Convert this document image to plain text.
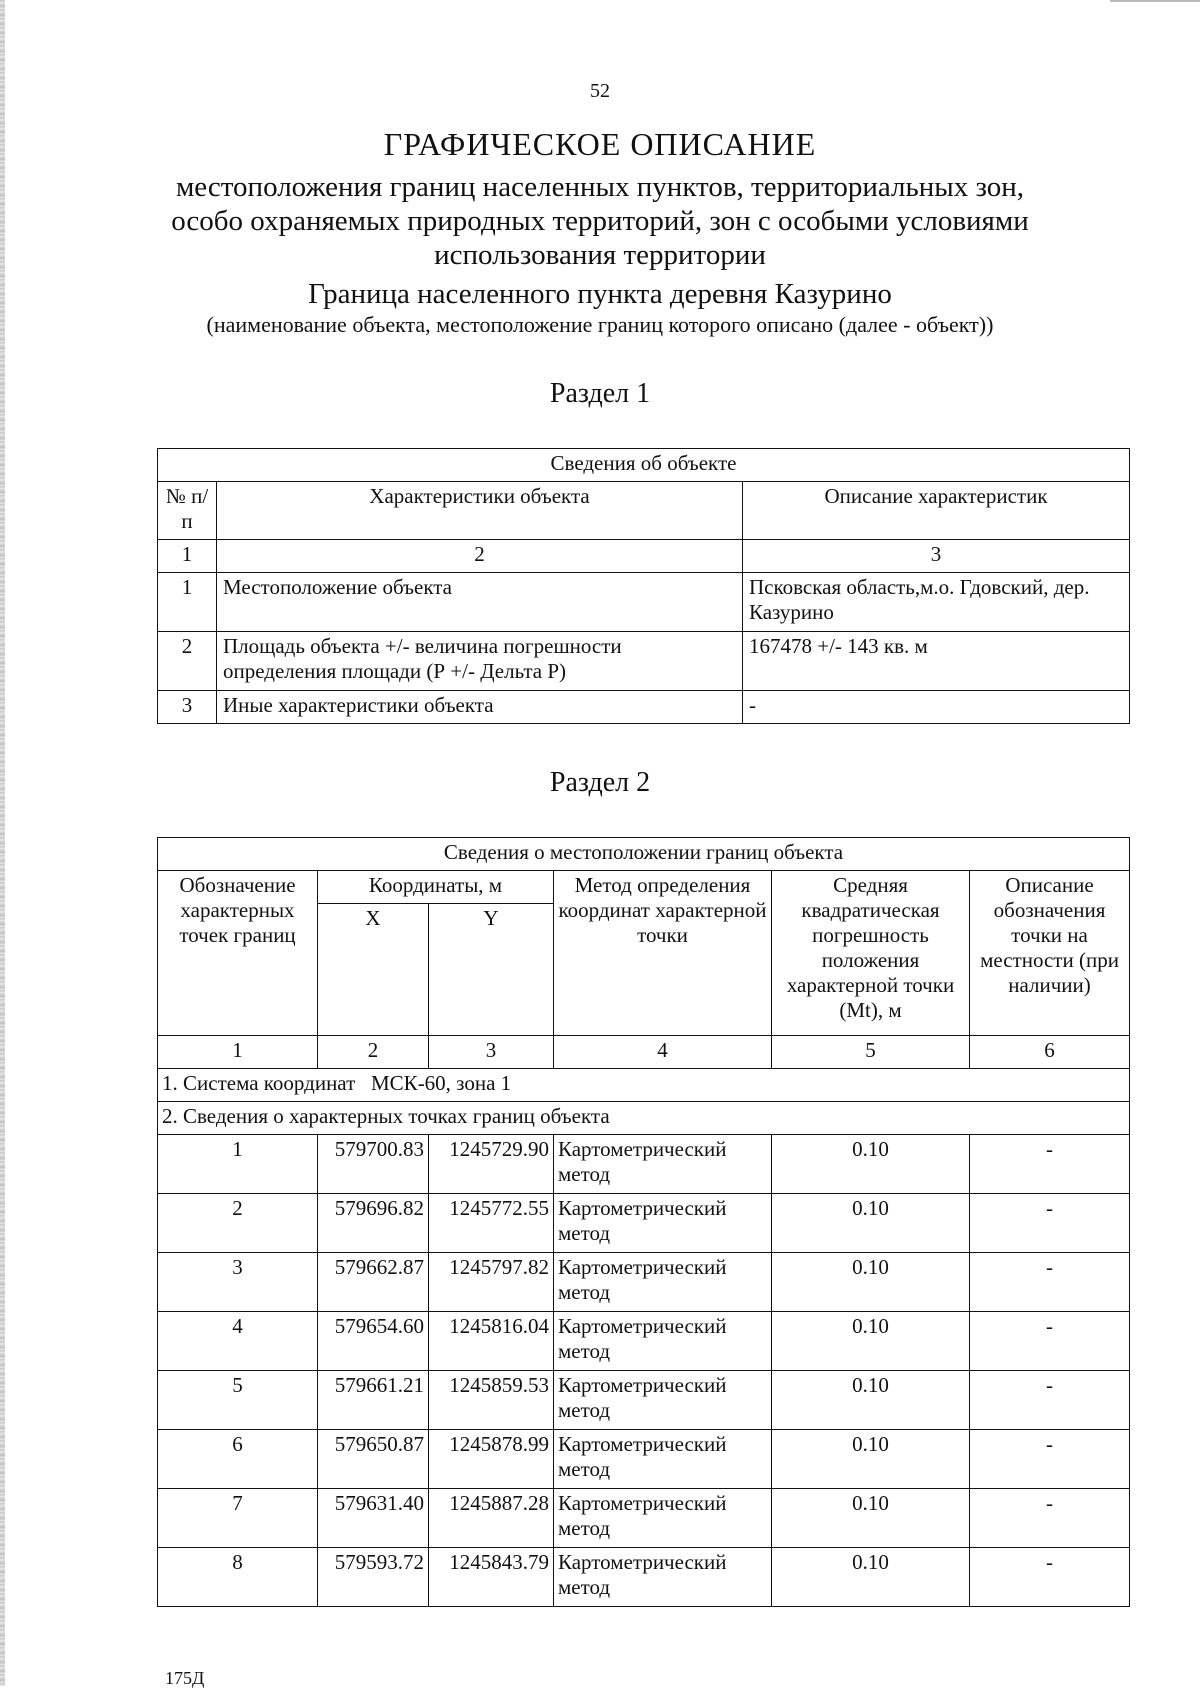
52
ГРАФИЧЕСКОЕ ОПИСАНИЕ
местоположения границ населенных пунктов, территориальных зон, особо охраняемых природных территорий, зон с особыми условиями использования территории
Граница населенного пункта деревня Казурино
(наименование объекта, местоположение границ которого описано (далее - объект))
Раздел 1
Сведения об объекте		
№ п/п	Характеристики объекта	Описание характеристик
1	2	3
1	Местоположение объекта	Псковская область,м.о. Гдовский, дер. Казурино
2	Площадь объекта +/- величина погрешности определения площади (Р +/- Дельта Р)	167478 +/- 143 кв. м
3	Иные характеристики объекта	-
Раздел 2
Сведения о местоположении границ объекта					
Обозначение характерных точек границ	Координаты, м		Метод определения координат характерной точки	Средняя квадратическая погрешность положения характерной точки (Mt), м	Описание обозначения точки на местности (при наличии)
	X	Y			
1	2	3	4	5	6
1. Система координат   МСК-60, зона 1					
2. Сведения о характерных точках границ объекта					
1	579700.83	1245729.90	Картометрический метод	0.10	-
2	579696.82	1245772.55	Картометрический метод	0.10	-
3	579662.87	1245797.82	Картометрический метод	0.10	-
4	579654.60	1245816.04	Картометрический метод	0.10	-
5	579661.21	1245859.53	Картометрический метод	0.10	-
6	579650.87	1245878.99	Картометрический метод	0.10	-
7	579631.40	1245887.28	Картометрический метод	0.10	-
8	579593.72	1245843.79	Картометрический метод	0.10	-
175Д
